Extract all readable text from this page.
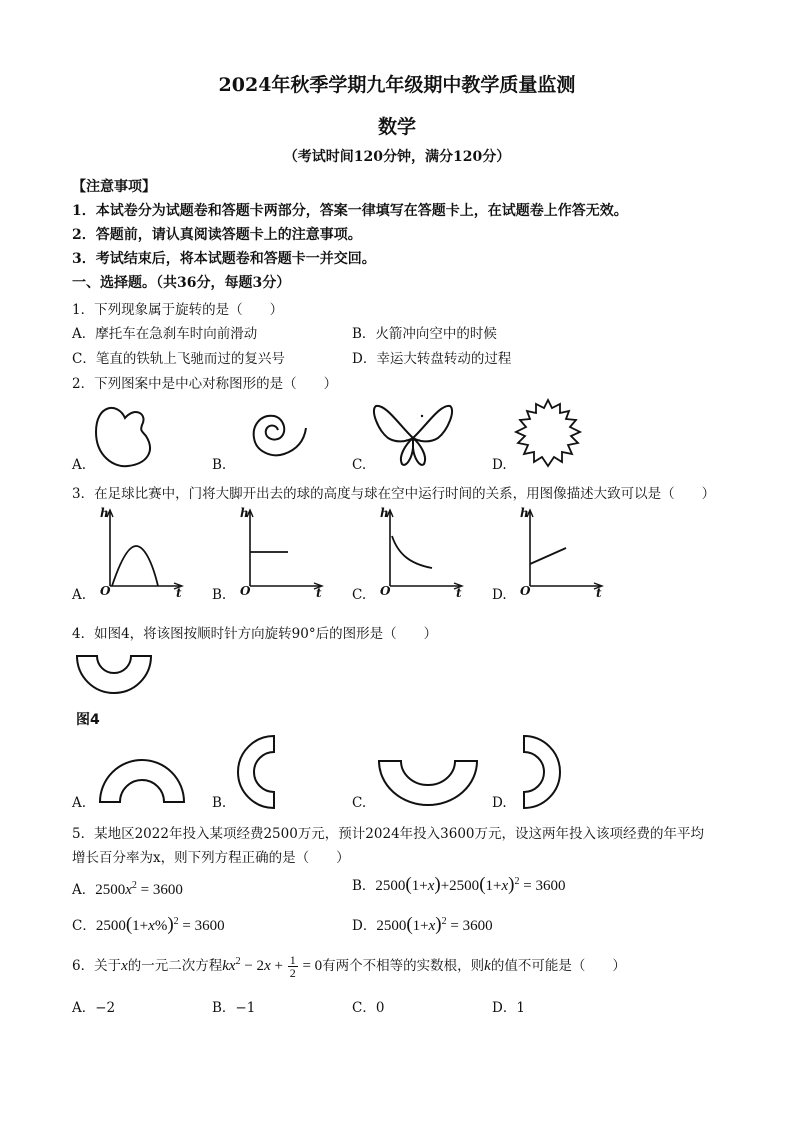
2024年秋季学期九年级期中教学质量监测
数学
（考试时间120分钟，满分120分）
【注意事项】
1．本试卷分为试题卷和答题卡两部分，答案一律填写在答题卡上，在试题卷上作答无效。
2．答题前，请认真阅读答题卡上的注意事项。
3．考试结束后，将本试题卷和答题卡一并交回。
一、选择题。（共36分，每题3分）
1．下列现象属于旋转的是（　　）
A．摩托车在急刹车时向前滑动	B．火箭冲向空中的时候
C．笔直的铁轨上飞驰而过的复兴号	D．幸运大转盘转动的过程
2．下列图案中是中心对称图形的是（　　）
A.	B.	C.	D.
3．在足球比赛中，门将大脚开出去的球的高度与球在空中运行时间的关系，用图像描述大致可以是（　　）
A.	B.	C.	D.
h
O	t
h
O	t
h
O	t
h
O	t
4．如图4，将该图按顺时针方向旋转90°后的图形是（　　）
图4
A.	B.	C.	D.
5．某地区2022年投入某项经费2500万元，预计2024年投入3600万元，设这两年投入该项经费的年平均
增长百分率为x，则下列方程正确的是（　　）
A．$2500x^2 = 3600$	B．$2500(1+x)+2500(1+x)^2 = 3600$
C．$2500(1+x\%)^2 = 3600$	D．$2500(1+x)^2 = 3600$
6．关于x的一元二次方程$kx^2 - 2x + \frac{1}{2} = 0$有两个不相等的实数根，则k的值不可能是（　　）
A．−2	B．−1	C．0	D．1
